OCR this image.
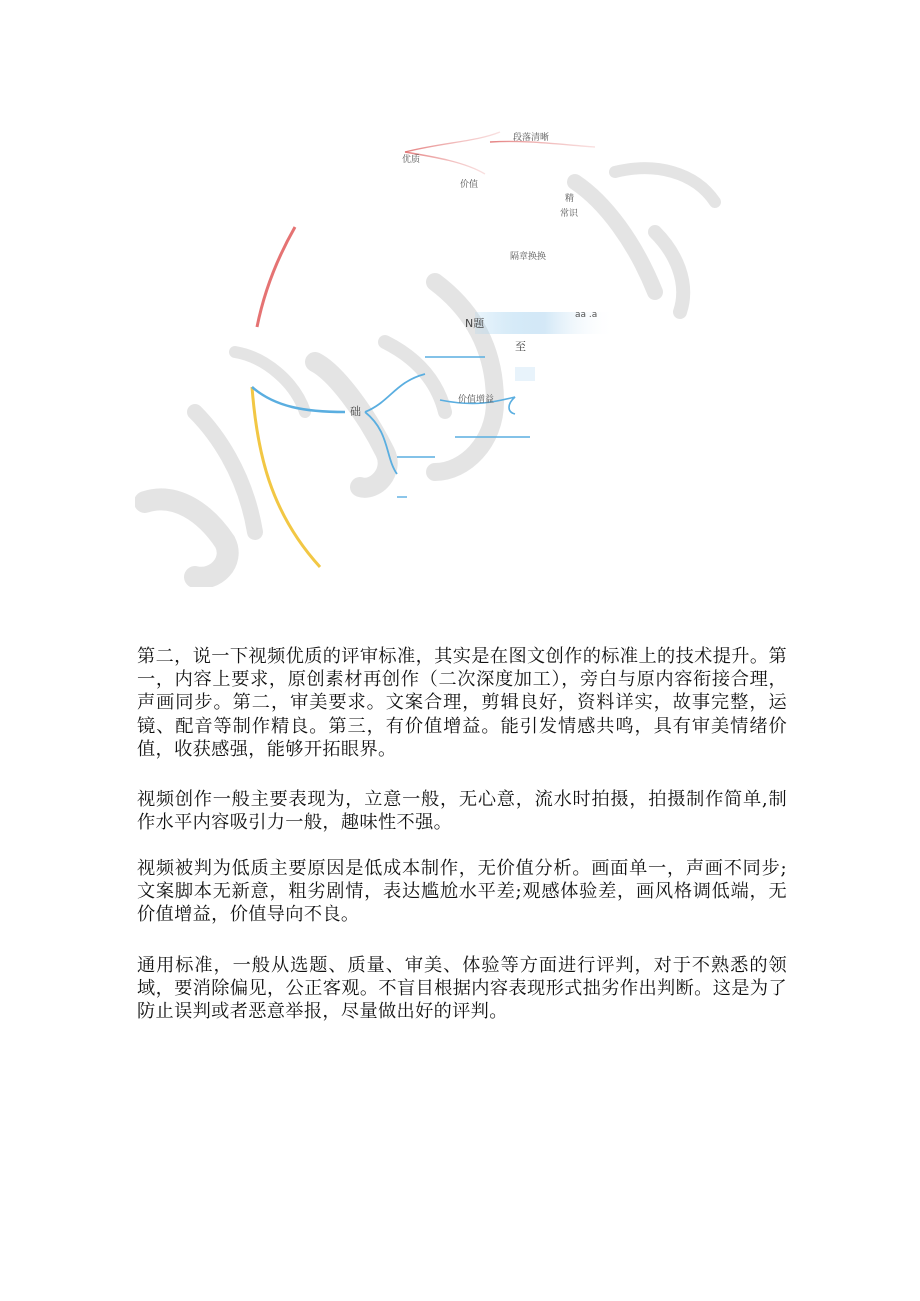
段落清晰
优质
价值
精
常识
隔章换换
N题
aa .a
至
价值增益
础

第二，说一下视频优质的评审标准，其实是在图文创作的标准上的技术提升。第一，内容上要求，原创素材再创作（二次深度加工），旁白与原内容衔接合理，声画同步。第二，审美要求。文案合理，剪辑良好，资料详实，故事完整，运镜、配音等制作精良。第三，有价值增益。能引发情感共鸣，具有审美情绪价值，收获感强，能够开拓眼界。

视频创作一般主要表现为，立意一般，无心意，流水时拍摄，拍摄制作简单,制作水平内容吸引力一般，趣味性不强。

视频被判为低质主要原因是低成本制作，无价值分析。画面单一，声画不同步;文案脚本无新意，粗劣剧情，表达尴尬水平差;观感体验差，画风格调低端，无价值增益，价值导向不良。

通用标准，一般从选题、质量、审美、体验等方面进行评判，对于不熟悉的领域，要消除偏见，公正客观。不盲目根据内容表现形式拙劣作出判断。这是为了防止误判或者恶意举报，尽量做出好的评判。
